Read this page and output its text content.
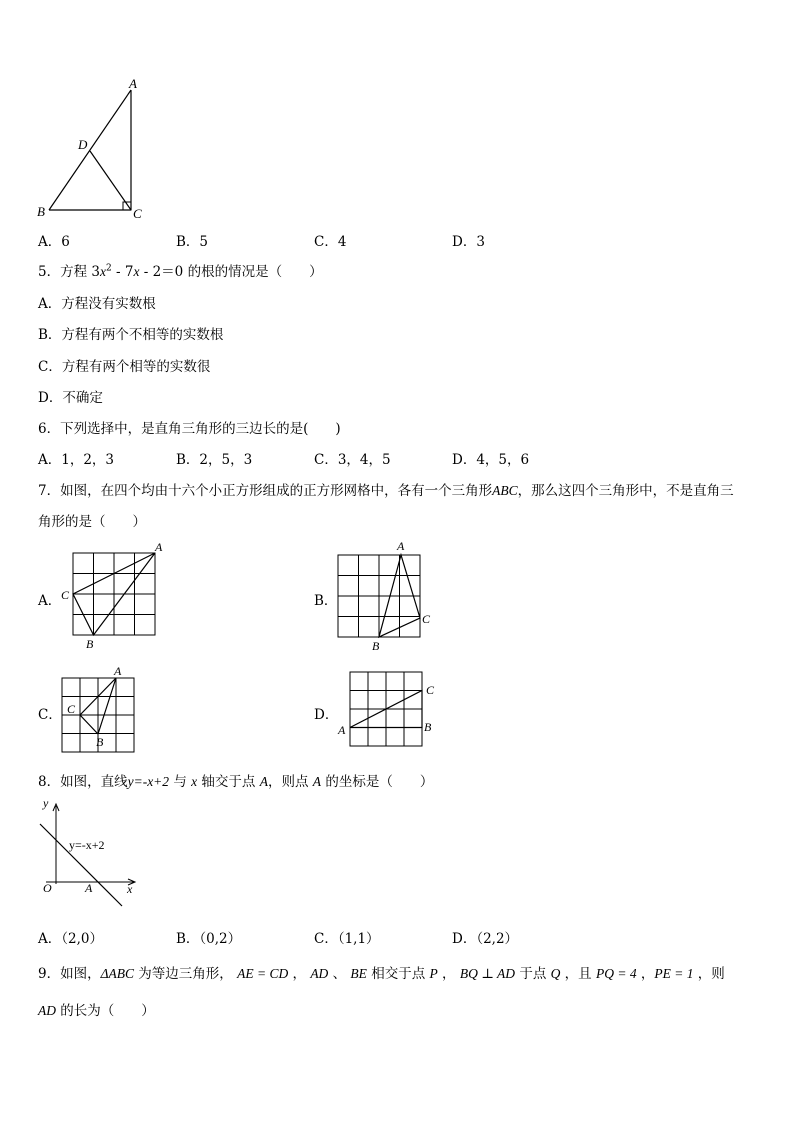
A
D
B	C
A．6	B．5	C．4	D．3
5．方程 $3x^2 - 7x - 2=0$ 的根的情况是（　　）
A．方程没有实数根
B．方程有两个不相等的实数根
C．方程有两个相等的实数很
D．不确定
6．下列选择中，是直角三角形的三边长的是(　　)
A．1，2，3	B．2，5，3	C．3，4，5	D．4，5，6
7．如图，在四个均由十六个小正方形组成的正方形网格中，各有一个三角形ABC，那么这四个三角形中，不是直角三
角形的是（　　）
A．	B．
C．	D．
A
C
B
A
C
B
A
C
B
C
A	B
8．如图，直线y=-x+2 与 x 轴交于点 A，则点 A 的坐标是（　　）
y
x
O	A
y=-x+2
A．（2,0）	B．（0,2）	C．（1,1）	D．（2,2）
9．如图，ΔABC 为等边三角形， AE = CD ， AD 、 BE 相交于点 P ， BQ ⊥ AD 于点 Q ，且 PQ = 4 ，PE = 1 ，则
AD 的长为（　　）
